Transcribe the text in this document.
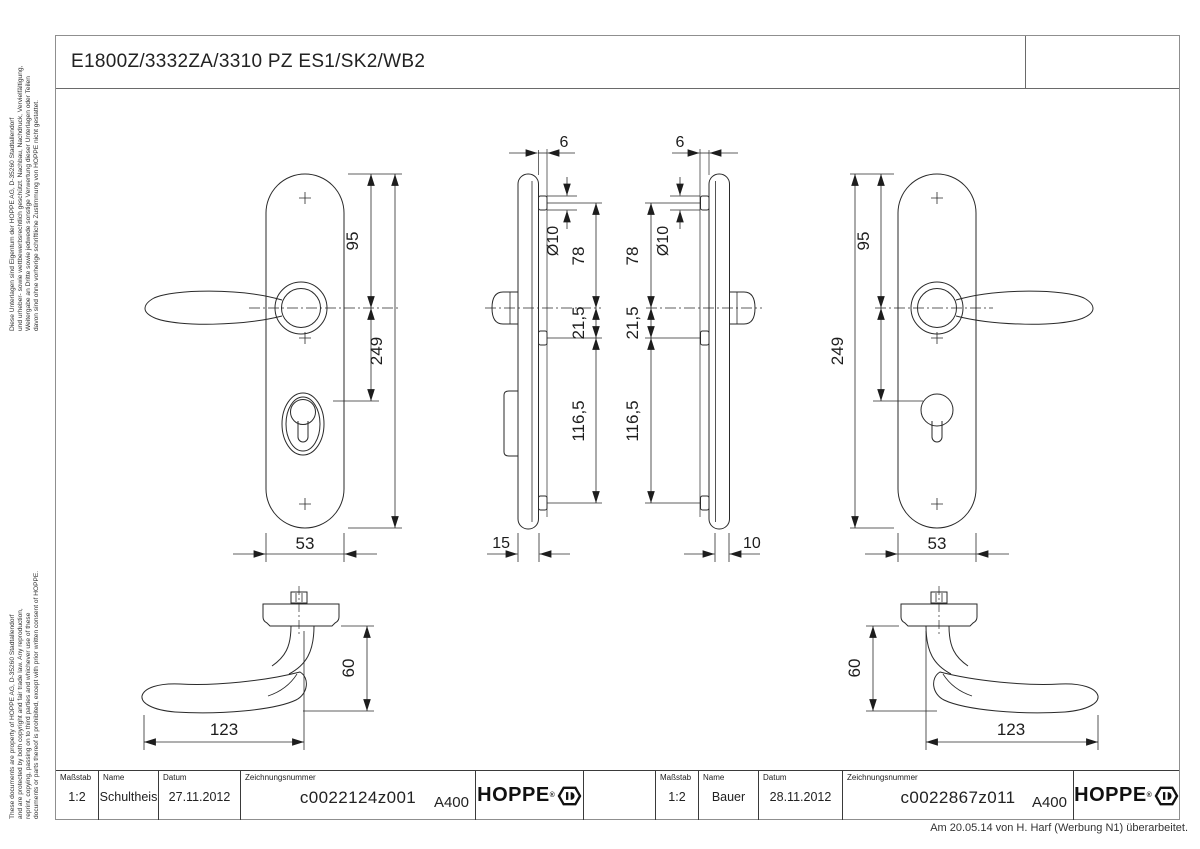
Diese Unterlagen sind Eigentum der HOPPE AG, D-35260 Stadtallendorf und urheber- sowie wettbewerbsrechtlich geschützt. Nachbau, Nachdruck, Vervielfältigung, Weitergabe an Dritte sowie jedwede sonstige Verwertung dieser Unterlagen oder Teilen davon sind ohne vorherige schriftliche Zustimmung von HOPPE nicht gestattet.
These documents are property of HOPPE AG, D-35260 Stadtallendorf and are protected by both copyright and fair trade law. Any reproduction, reprint, copying, passing on to third parties and whichever use of these documents or parts thereof is prohibited, except with prior written consent of HOPPE.
E1800Z/3332ZA/3310 PZ ES1/SK2/WB2
95
249
53
6
Ø10 78
21,5
116,5
15
6
Ø10
78
21,5
116,5
10
95
249
53
60
123
60
123
Maßstab
1:2
Name
Schultheis
Datum
27.11.2012
Zeichnungsnummer
c0022124z001	A400 HOPPE ®
Maßstab
1:2
Name
Bauer
Datum
28.11.2012
Zeichnungsnummer
c0022867z011	A400 HOPPE ®
Am 20.05.14 von H. Harf (Werbung N1) überarbeitet.
